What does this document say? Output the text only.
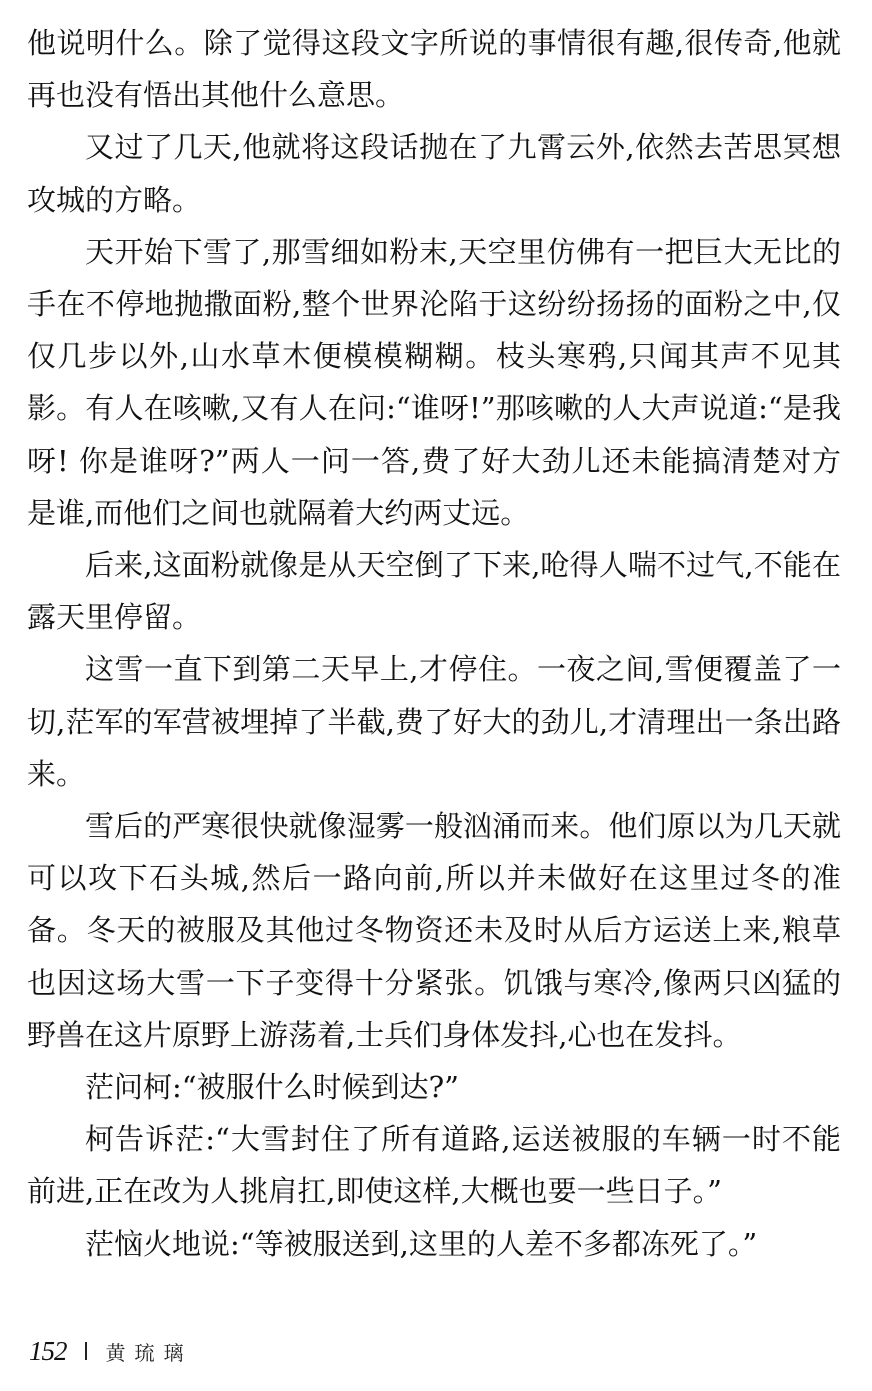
他说明什么。除了觉得这段文字所说的事情很有趣,很传奇,他就再也没有悟出其他什么意思。

又过了几天,他就将这段话抛在了九霄云外,依然去苦思冥想攻城的方略。

天开始下雪了,那雪细如粉末,天空里仿佛有一把巨大无比的手在不停地抛撒面粉,整个世界沦陷于这纷纷扬扬的面粉之中,仅仅几步以外,山水草木便模模糊糊。枝头寒鸦,只闻其声不见其影。有人在咳嗽,又有人在问:“谁呀!”那咳嗽的人大声说道:“是我呀! 你是谁呀?”两人一问一答,费了好大劲儿还未能搞清楚对方是谁,而他们之间也就隔着大约两丈远。

后来,这面粉就像是从天空倒了下来,呛得人喘不过气,不能在露天里停留。

这雪一直下到第二天早上,才停住。一夜之间,雪便覆盖了一切,茫军的军营被埋掉了半截,费了好大的劲儿,才清理出一条出路来。

雪后的严寒很快就像湿雾一般汹涌而来。他们原以为几天就可以攻下石头城,然后一路向前,所以并未做好在这里过冬的准备。冬天的被服及其他过冬物资还未及时从后方运送上来,粮草也因这场大雪一下子变得十分紧张。饥饿与寒冷,像两只凶猛的野兽在这片原野上游荡着,士兵们身体发抖,心也在发抖。

茫问柯:“被服什么时候到达?”

柯告诉茫:“大雪封住了所有道路,运送被服的车辆一时不能前进,正在改为人挑肩扛,即使这样,大概也要一些日子。”

茫恼火地说:“等被服送到,这里的人差不多都冻死了。”

152 黄琉璃
